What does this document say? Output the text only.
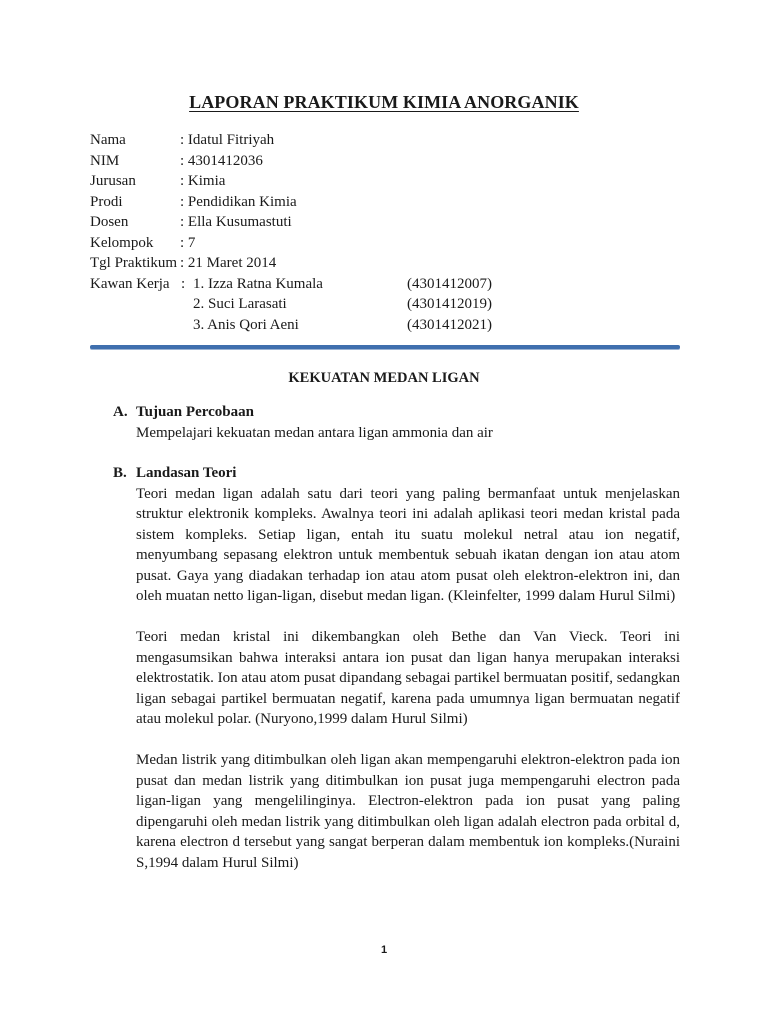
LAPORAN PRAKTIKUM KIMIA ANORGANIK
Nama	: Idatul Fitriyah
NIM	: 4301412036
Jurusan	: Kimia
Prodi	: Pendidikan Kimia
Dosen	: Ella Kusumastuti
Kelompok	: 7
Tgl Praktikum : 21 Maret 2014
Kawan Kerja : 1. Izza Ratna Kumala	(4301412007)
2. Suci Larasati	(4301412019)
3. Anis Qori Aeni	(4301412021)
KEKUATAN MEDAN LIGAN
A. Tujuan Percobaan

Mempelajari kekuatan medan antara ligan ammonia dan air

B. Landasan Teori

Teori medan ligan adalah satu dari teori yang paling bermanfaat untuk menjelaskan struktur elektronik kompleks. Awalnya teori ini adalah aplikasi teori medan kristal pada sistem kompleks. Setiap ligan, entah itu suatu molekul netral atau ion negatif, menyumbang sepasang elektron untuk membentuk sebuah ikatan dengan ion atau atom pusat. Gaya yang diadakan terhadap ion atau atom pusat oleh elektron-elektron ini, dan oleh muatan netto ligan-ligan, disebut medan ligan. (Kleinfelter, 1999 dalam Hurul Silmi)

Teori medan kristal ini dikembangkan oleh Bethe dan Van Vieck. Teori ini mengasumsikan bahwa interaksi antara ion pusat dan ligan hanya merupakan interaksi elektrostatik. Ion atau atom pusat dipandang sebagai partikel bermuatan positif, sedangkan ligan sebagai partikel bermuatan negatif, karena pada umumnya ligan bermuatan negatif atau molekul polar. (Nuryono,1999 dalam Hurul Silmi)

Medan listrik yang ditimbulkan oleh ligan akan mempengaruhi elektron-elektron pada ion pusat dan medan listrik yang ditimbulkan ion pusat juga mempengaruhi electron pada ligan-ligan yang mengelilinginya. Electron-elektron pada ion pusat yang paling dipengaruhi oleh medan listrik yang ditimbulkan oleh ligan adalah electron pada orbital d, karena electron d tersebut yang sangat berperan dalam membentuk ion kompleks.(Nuraini S,1994 dalam Hurul Silmi)

1
